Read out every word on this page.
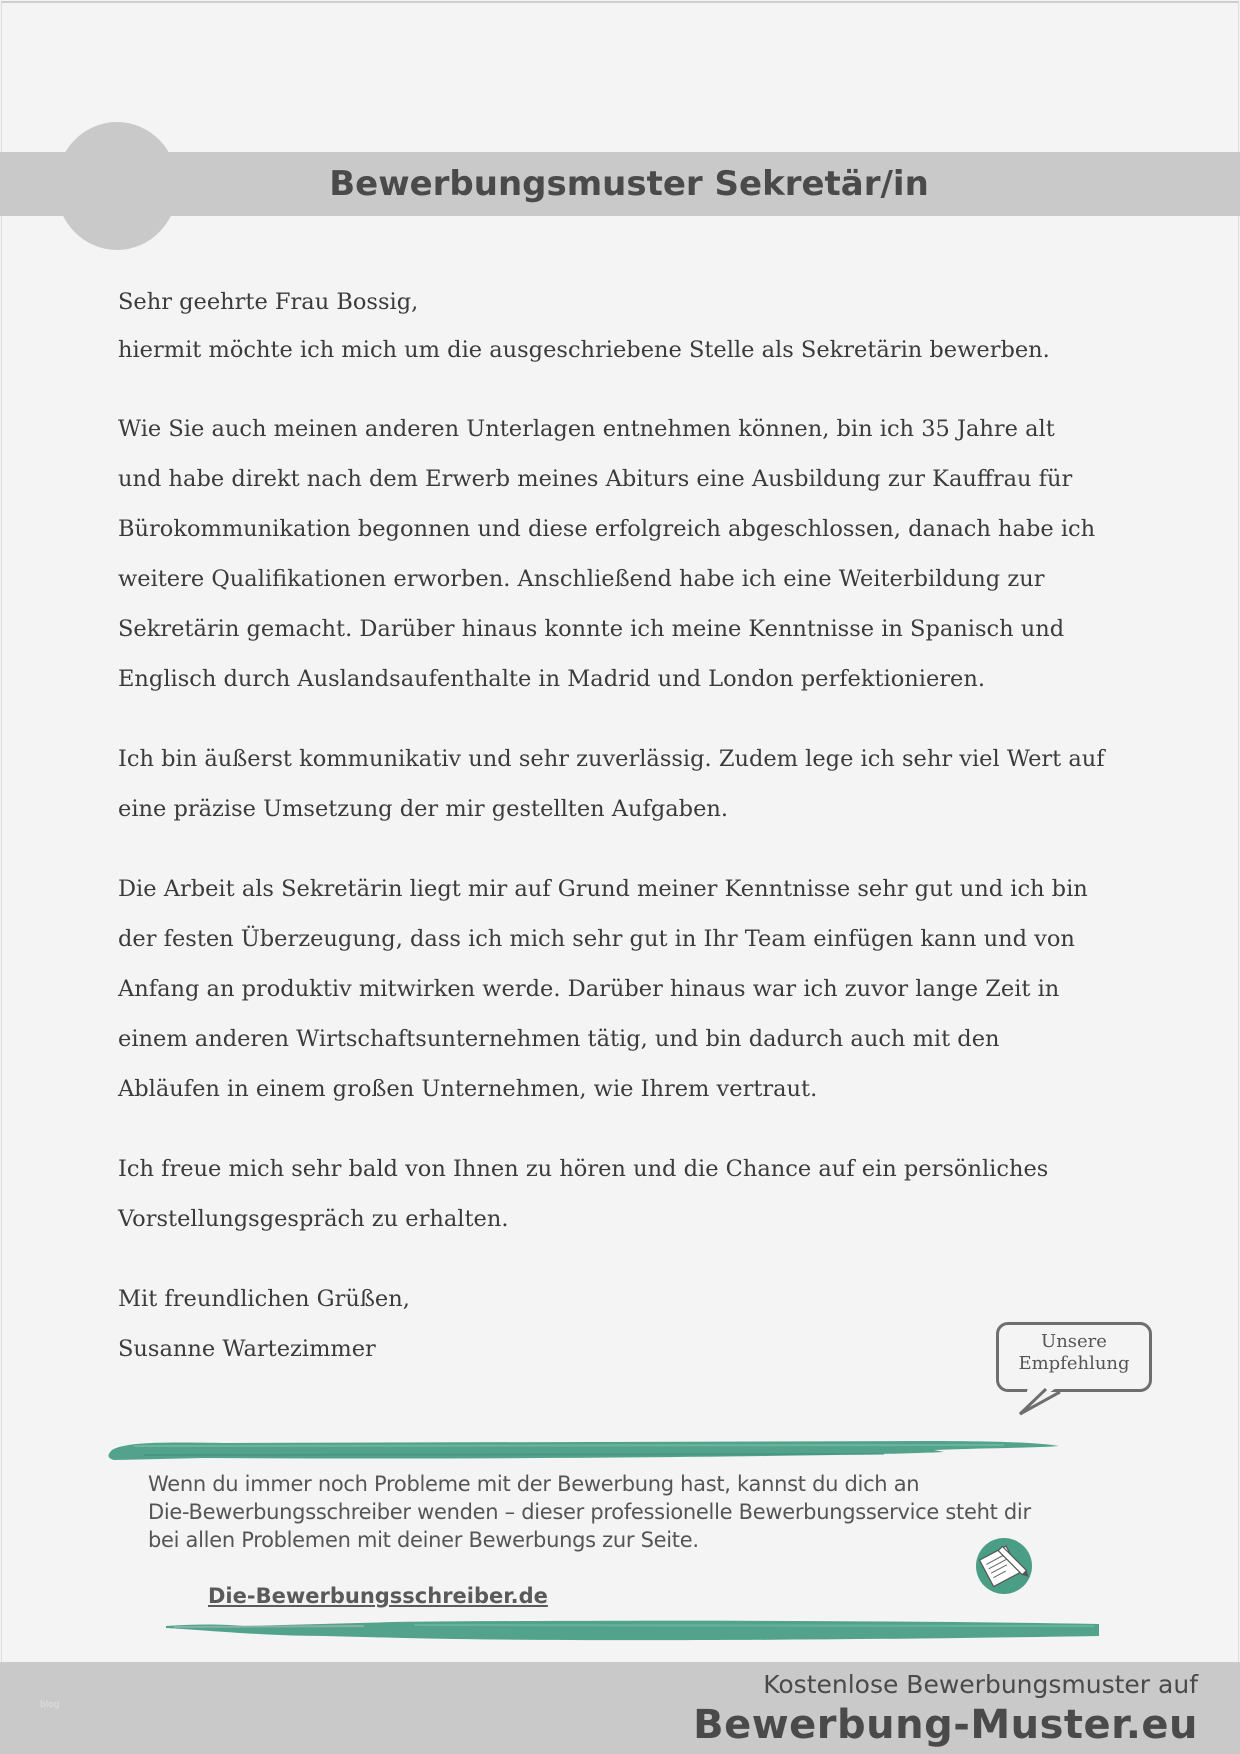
Bewerbungsmuster Sekretär/in
Sehr geehrte Frau Bossig,
hiermit möchte ich mich um die ausgeschriebene Stelle als Sekretärin bewerben.
Wie Sie auch meinen anderen Unterlagen entnehmen können, bin ich 35 Jahre alt
und habe direkt nach dem Erwerb meines Abiturs eine Ausbildung zur Kauffrau für
Bürokommunikation begonnen und diese erfolgreich abgeschlossen, danach habe ich
weitere Qualifikationen erworben. Anschließend habe ich eine Weiterbildung zur
Sekretärin gemacht. Darüber hinaus konnte ich meine Kenntnisse in Spanisch und
Englisch durch Auslandsaufenthalte in Madrid und London perfektionieren.
Ich bin äußerst kommunikativ und sehr zuverlässig. Zudem lege ich sehr viel Wert auf
eine präzise Umsetzung der mir gestellten Aufgaben.
Die Arbeit als Sekretärin liegt mir auf Grund meiner Kenntnisse sehr gut und ich bin
der festen Überzeugung, dass ich mich sehr gut in Ihr Team einfügen kann und von
Anfang an produktiv mitwirken werde. Darüber hinaus war ich zuvor lange Zeit in
einem anderen Wirtschaftsunternehmen tätig, und bin dadurch auch mit den
Abläufen in einem großen Unternehmen, wie Ihrem vertraut.
Ich freue mich sehr bald von Ihnen zu hören und die Chance auf ein persönliches
Vorstellungsgespräch zu erhalten.
Mit freundlichen Grüßen,
Susanne Wartezimmer	Unsere
Empfehlung
Wenn du immer noch Probleme mit der Bewerbung hast, kannst du dich an
Die-Bewerbungsschreiber wenden – dieser professionelle Bewerbungsservice steht dir
bei allen Problemen mit deiner Bewerbungs zur Seite.
Die-Bewerbungsschreiber.de
blog
Kostenlose Bewerbungsmuster auf
Bewerbung-Muster.eu
